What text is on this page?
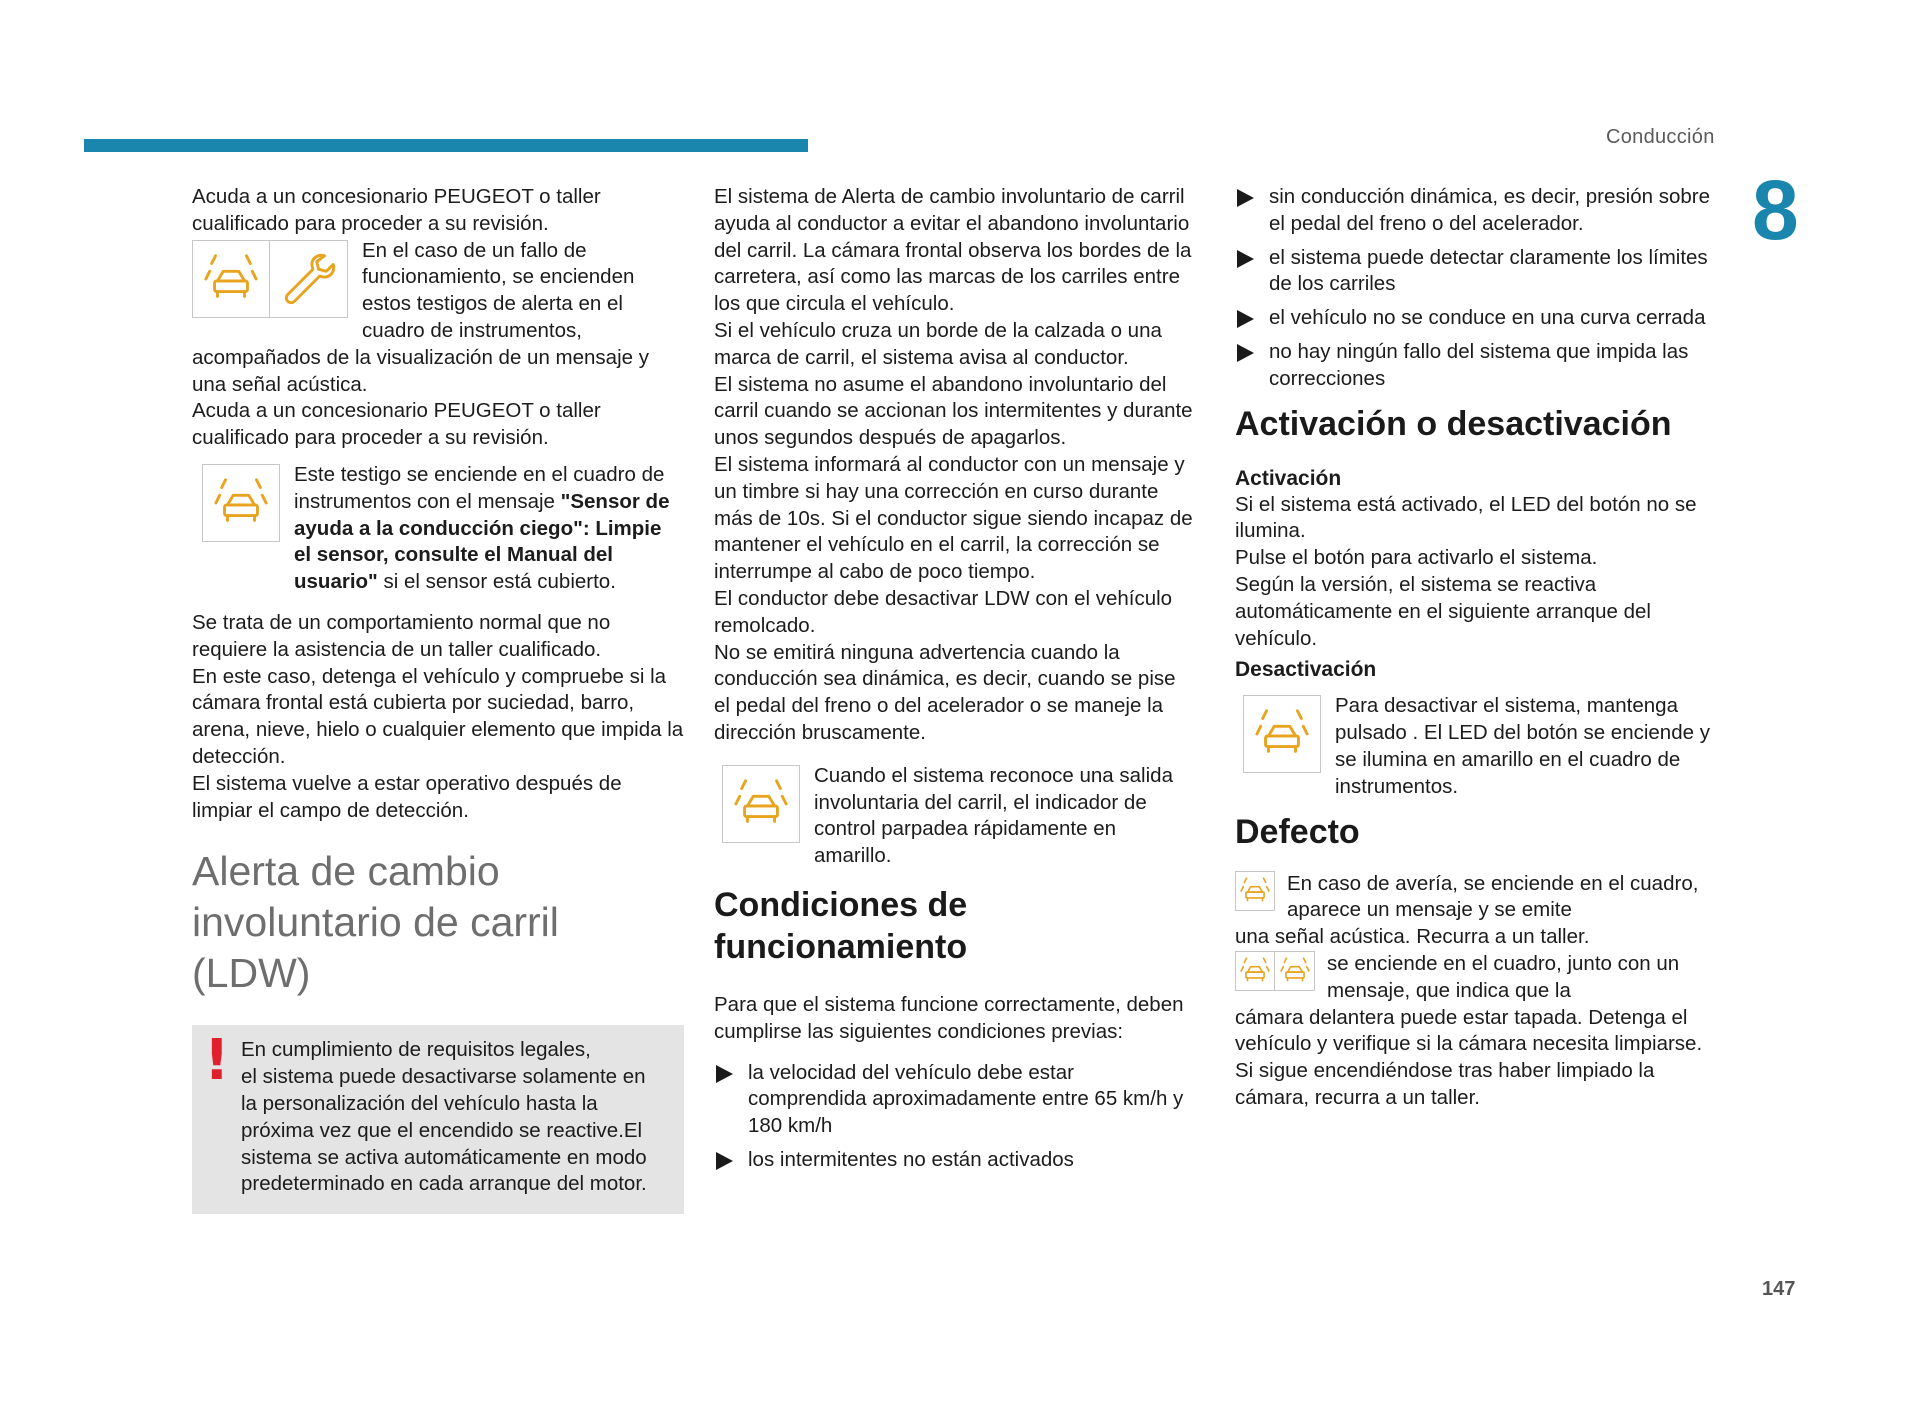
Conducción
8
147

Acuda a un concesionario PEUGEOT o taller cualificado para proceder a su revisión.

En el caso de un fallo de funcionamiento, se encienden estos testigos de alerta en el cuadro de instrumentos,

acompañados de la visualización de un mensaje y una señal acústica.

Acuda a un concesionario PEUGEOT o taller cualificado para proceder a su revisión.

Este testigo se enciende en el cuadro de instrumentos con el mensaje "Sensor de ayuda a la conducción ciego": Limpie el sensor, consulte el Manual del usuario" si el sensor está cubierto.

Se trata de un comportamiento normal que no requiere la asistencia de un taller cualificado.

En este caso, detenga el vehículo y compruebe si la cámara frontal está cubierta por suciedad, barro, arena, nieve, hielo o cualquier elemento que impida la detección.

El sistema vuelve a estar operativo después de limpiar el campo de detección.

Alerta de cambio involuntario de carril (LDW)
! En cumplimiento de requisitos legales,
el sistema puede desactivarse solamente en la personalización del vehículo hasta la próxima vez que el encendido se reactive.El sistema se activa automáticamente en modo predeterminado en cada arranque del motor.

El sistema de Alerta de cambio involuntario de carril ayuda al conductor a evitar el abandono involuntario del carril. La cámara frontal observa los bordes de la carretera, así como las marcas de los carriles entre los que circula el vehículo.

Si el vehículo cruza un borde de la calzada o una marca de carril, el sistema avisa al conductor.

El sistema no asume el abandono involuntario del carril cuando se accionan los intermitentes y durante unos segundos después de apagarlos.

El sistema informará al conductor con un mensaje y un timbre si hay una corrección en curso durante más de 10s. Si el conductor sigue siendo incapaz de mantener el vehículo en el carril, la corrección se interrumpe al cabo de poco tiempo.

El conductor debe desactivar LDW con el vehículo remolcado.

No se emitirá ninguna advertencia cuando la conducción sea dinámica, es decir, cuando se pise el pedal del freno o del acelerador o se maneje la dirección bruscamente.

Cuando el sistema reconoce una salida involuntaria del carril, el indicador de control parpadea rápidamente en amarillo.

Condiciones de funcionamiento

Para que el sistema funcione correctamente, deben cumplirse las siguientes condiciones previas:

la velocidad del vehículo debe estar comprendida aproximadamente entre 65 km/h y 180 km/h
los intermitentes no están activados
sin conducción dinámica, es decir, presión sobre el pedal del freno o del acelerador.
el sistema puede detectar claramente los límites de los carriles
el vehículo no se conduce en una curva cerrada
no hay ningún fallo del sistema que impida las correcciones
Activación o desactivación
Activación

Si el sistema está activado, el LED del botón no se ilumina.

Pulse el botón para activarlo el sistema.

Según la versión, el sistema se reactiva automáticamente en el siguiente arranque del vehículo.

Desactivación

Para desactivar el sistema, mantenga pulsado . El LED del botón se enciende y se ilumina en amarillo en el cuadro de instrumentos.

Defecto

En caso de avería, se enciende en el cuadro, aparece un mensaje y se emite

una señal acústica. Recurra a un taller.

se enciende en el cuadro, junto con un mensaje, que indica que la

cámara delantera puede estar tapada. Detenga el vehículo y verifique si la cámara necesita limpiarse. Si sigue encendiéndose tras haber limpiado la cámara, recurra a un taller.
